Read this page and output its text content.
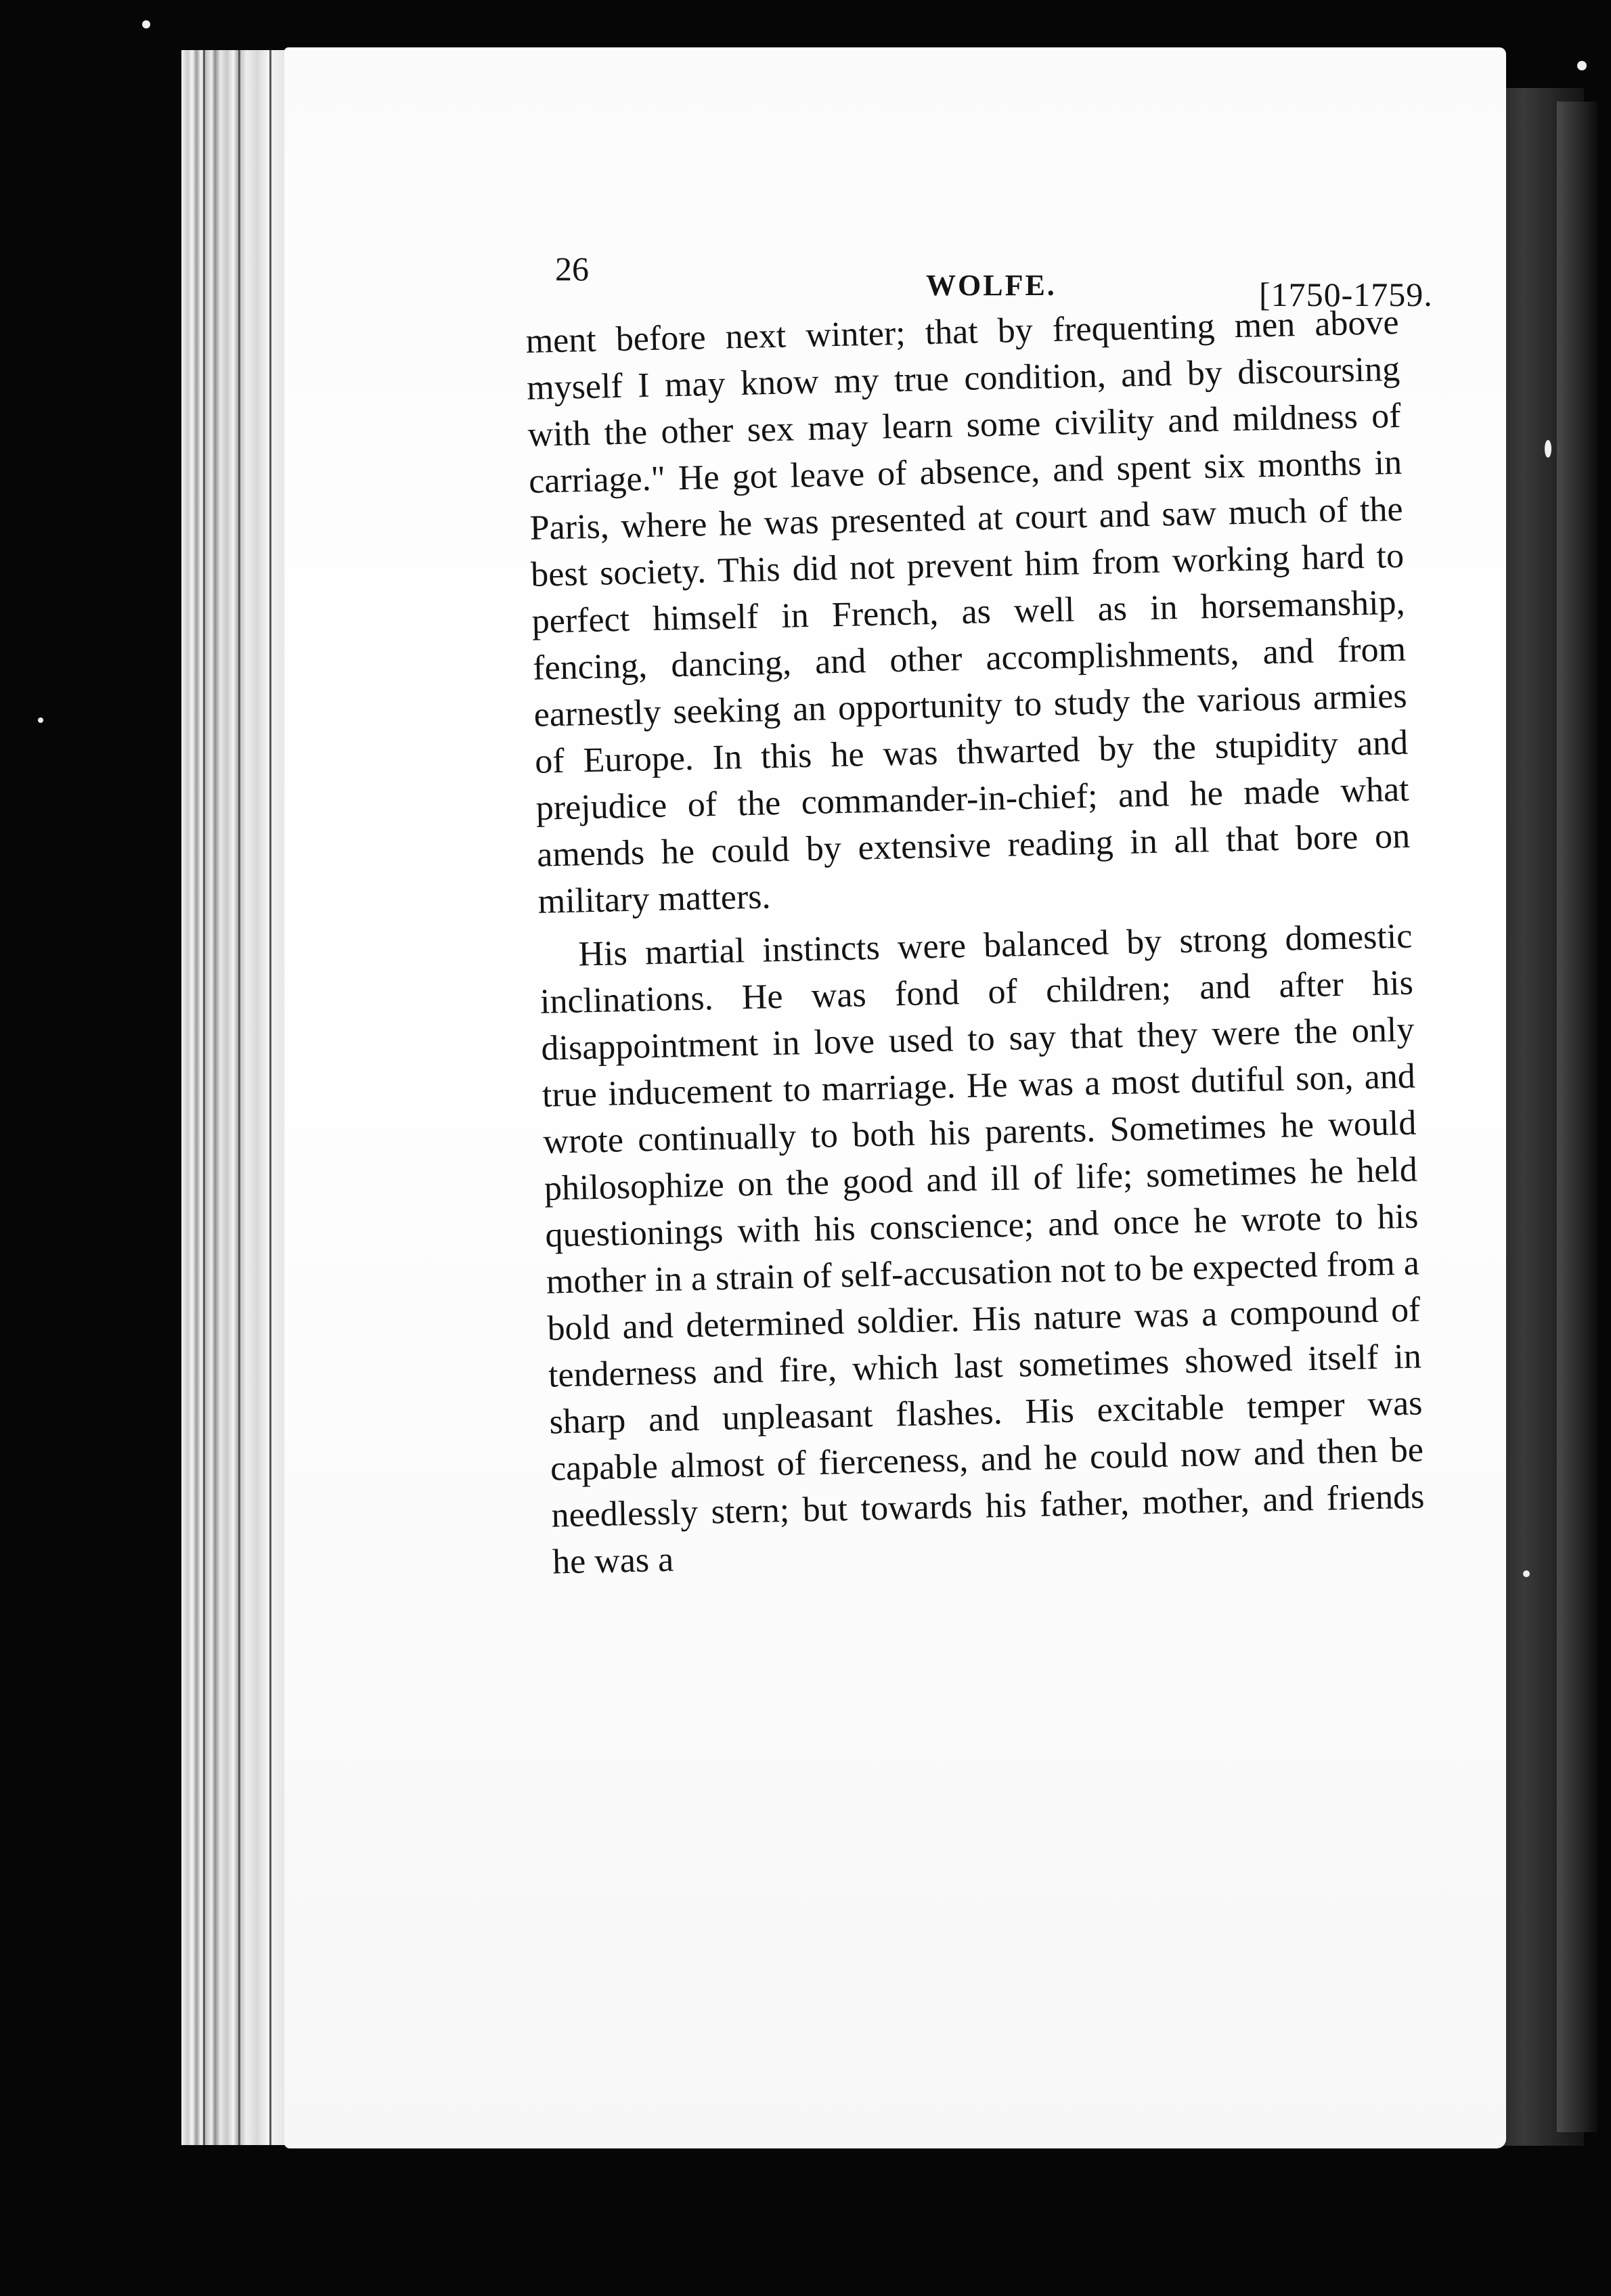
26	WOLFE.	[1750-1759.

ment before next winter; that by frequenting men above myself I may know my true condition, and by discoursing with the other sex may learn some civility and mildness of carriage." He got leave of absence, and spent six months in Paris, where he was presented at court and saw much of the best society. This did not prevent him from working hard to perfect himself in French, as well as in horsemanship, fencing, dancing, and other accomplishments, and from earnestly seeking an opportunity to study the various armies of Europe. In this he was thwarted by the stupidity and prejudice of the commander-in-chief; and he made what amends he could by extensive reading in all that bore on military matters.

His martial instincts were balanced by strong domestic inclinations. He was fond of children; and after his disappointment in love used to say that they were the only true inducement to marriage. He was a most dutiful son, and wrote continually to both his parents. Sometimes he would philosophize on the good and ill of life; sometimes he held questionings with his conscience; and once he wrote to his mother in a strain of self-accusation not to be expected from a bold and determined soldier. His nature was a compound of tenderness and fire, which last sometimes showed itself in sharp and unpleasant flashes. His excitable temper was capable almost of fierceness, and he could now and then be needlessly stern; but towards his father, mother, and friends he was a
